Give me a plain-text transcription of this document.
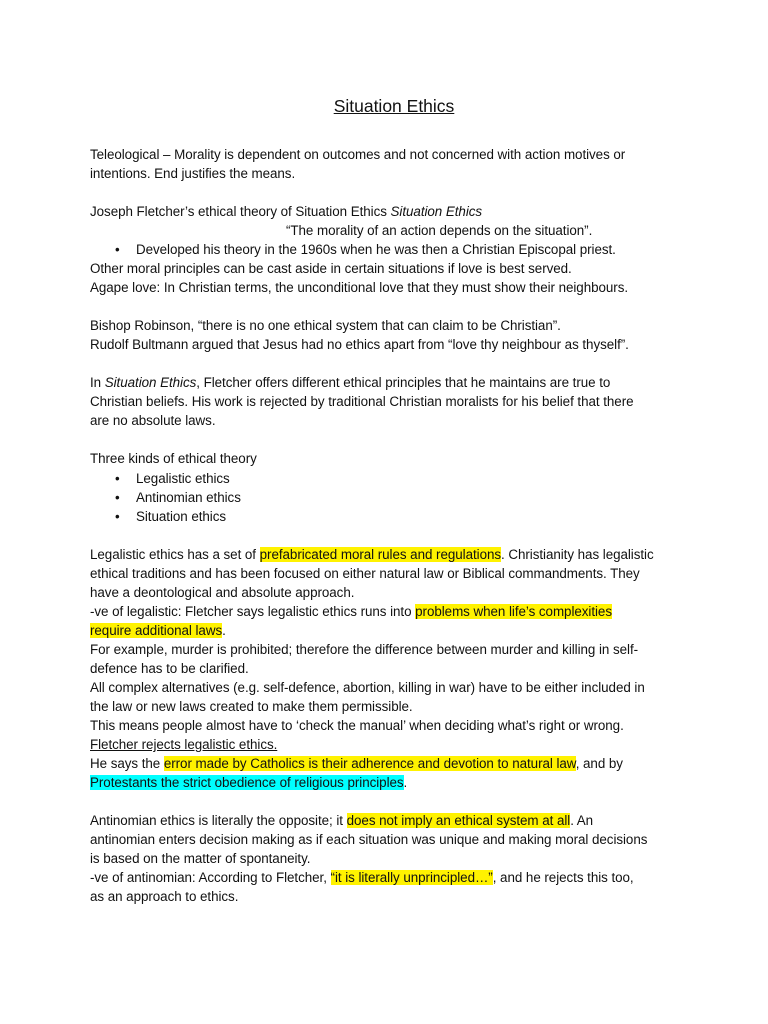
Situation Ethics

Teleological – Morality is dependent on outcomes and not concerned with action motives or

intentions. End justifies the means.

Joseph Fletcher’s ethical theory of Situation Ethics Situation Ethics

“The morality of an action depends on the situation”.

• Developed his theory in the 1960s when he was then a Christian Episcopal priest.

Other moral principles can be cast aside in certain situations if love is best served.

Agape love: In Christian terms, the unconditional love that they must show their neighbours.

Bishop Robinson, “there is no one ethical system that can claim to be Christian”.

Rudolf Bultmann argued that Jesus had no ethics apart from “love thy neighbour as thyself”.

In Situation Ethics, Fletcher offers different ethical principles that he maintains are true to

Christian beliefs. His work is rejected by traditional Christian moralists for his belief that there

are no absolute laws.

Three kinds of ethical theory

• Legalistic ethics

• Antinomian ethics

• Situation ethics

Legalistic ethics has a set of prefabricated moral rules and regulations. Christianity has legalistic

ethical traditions and has been focused on either natural law or Biblical commandments. They

have a deontological and absolute approach.

-ve of legalistic: Fletcher says legalistic ethics runs into problems when life’s complexities

require additional laws.

For example, murder is prohibited; therefore the difference between murder and killing in self-

defence has to be clarified.

All complex alternatives (e.g. self-defence, abortion, killing in war) have to be either included in

the law or new laws created to make them permissible.

This means people almost have to ‘check the manual’ when deciding what’s right or wrong.

Fletcher rejects legalistic ethics.

He says the error made by Catholics is their adherence and devotion to natural law, and by

Protestants the strict obedience of religious principles.

Antinomian ethics is literally the opposite; it does not imply an ethical system at all. An

antinomian enters decision making as if each situation was unique and making moral decisions

is based on the matter of spontaneity.

-ve of antinomian: According to Fletcher, “it is literally unprincipled…”, and he rejects this too,

as an approach to ethics.
